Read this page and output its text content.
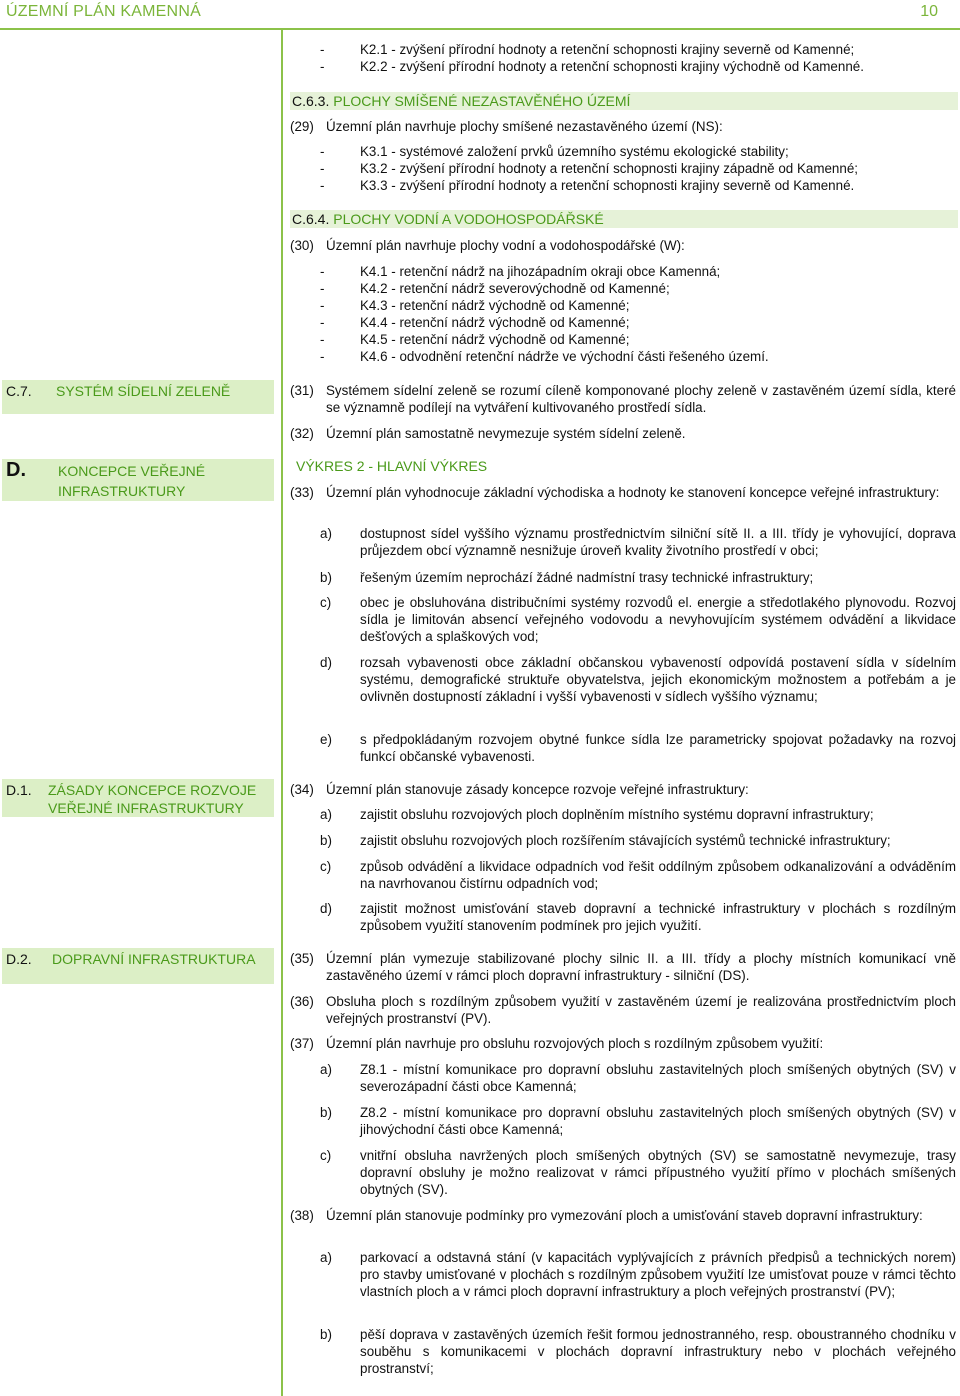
ÚZEMNÍ PLÁN KAMENNÁ	10
-	K2.1 - zvýšení přírodní hodnoty a retenční schopnosti krajiny severně od Kamenné;
-	K2.2 - zvýšení přírodní hodnoty a retenční schopnosti krajiny východně od Kamenné.
C.6.3. PLOCHY SMÍŠENÉ NEZASTAVĚNÉHO ÚZEMÍ
(29) Územní plán navrhuje plochy smíšené nezastavěného území (NS):
-	K3.1 - systémové založení prvků územního systému ekologické stability;
-	K3.2 - zvýšení přírodní hodnoty a retenční schopnosti krajiny západně od Kamenné;
-	K3.3 - zvýšení přírodní hodnoty a retenční schopnosti krajiny severně od Kamenné.
C.6.4. PLOCHY VODNÍ A VODOHOSPODÁŘSKÉ
(30) Územní plán navrhuje plochy vodní a vodohospodářské (W):
-	K4.1 - retenční nádrž na jihozápadním okraji obce Kamenná;
-	K4.2 - retenční nádrž severovýchodně od Kamenné;
-	K4.3 - retenční nádrž východně od Kamenné;
-	K4.4 - retenční nádrž východně od Kamenné;
-	K4.5 - retenční nádrž východně od Kamenné;
-	K4.6 - odvodnění retenční nádrže ve východní části řešeného území.
C.7. SYSTÉM SÍDELNÍ ZELENĚ	(31) Systémem sídelní zeleně se rozumí cíleně komponované plochy zeleně v zastavěném území sídla, které se významně podílejí na vytváření kultivovaného prostředí sídla.
(32) Územní plán samostatně nevymezuje systém sídelní zeleně.
D. KONCEPCE VEŘEJNÉ
INFRASTRUKTURY
VÝKRES 2 - HLAVNÍ VÝKRES
(33) Územní plán vyhodnocuje základní východiska a hodnoty ke stanovení koncepce veřejné infrastruktury:
a) dostupnost sídel vyššího významu prostřednictvím silniční sítě II. a III. třídy je vyhovující, doprava průjezdem obcí významně nesnižuje úroveň kvality životního prostředí v obci;
b) řešeným územím neprochází žádné nadmístní trasy technické infrastruktury;
c) obec je obsluhována distribučními systémy rozvodů el. energie a středotlakého plynovodu. Rozvoj sídla je limitován absencí veřejného vodovodu a nevyhovujícím systémem odvádění a likvidace dešťových a splaškových vod;
d) rozsah vybavenosti obce základní občanskou vybaveností odpovídá postavení sídla v sídelním systému, demografické struktuře obyvatelstva, jejich ekonomickým možnostem a potřebám a je ovlivněn dostupností základní i vyšší vybavenosti v sídlech vyššího významu;
e) s předpokládaným rozvojem obytné funkce sídla lze parametricky spojovat požadavky na rozvoj funkcí občanské vybavenosti.
D.1. ZÁSADY KONCEPCE ROZVOJE
VEŘEJNÉ INFRASTRUKTURY
(34) Územní plán stanovuje zásady koncepce rozvoje veřejné infrastruktury:
a) zajistit obsluhu rozvojových ploch doplněním místního systému dopravní infrastruktury;
b) zajistit obsluhu rozvojových ploch rozšířením stávajících systémů technické infrastruktury;
c) způsob odvádění a likvidace odpadních vod řešit oddílným způsobem odkanalizování a odváděním na navrhovanou čistírnu odpadních vod;
d) zajistit možnost umisťování staveb dopravní a technické infrastruktury v plochách s rozdílným způsobem využití stanovením podmínek pro jejich využití.
D.2. DOPRAVNÍ INFRASTRUKTURA	(35) Územní plán vymezuje stabilizované plochy silnic II. a III. třídy a plochy místních komunikací vně zastavěného území v rámci ploch dopravní infrastruktury - silniční (DS).
(36) Obsluha ploch s rozdílným způsobem využití v zastavěném území je realizována prostřednictvím ploch veřejných prostranství (PV).
(37) Územní plán navrhuje pro obsluhu rozvojových ploch s rozdílným způsobem využití:
a) Z8.1 - místní komunikace pro dopravní obsluhu zastavitelných ploch smíšených obytných (SV) v severozápadní části obce Kamenná;
b) Z8.2 - místní komunikace pro dopravní obsluhu zastavitelných ploch smíšených obytných (SV) v jihovýchodní části obce Kamenná;
c) vnitřní obsluha navržených ploch smíšených obytných (SV) se samostatně nevymezuje, trasy dopravní obsluhy je možno realizovat v rámci přípustného využití přímo v plochách smíšených obytných (SV).
(38) Územní plán stanovuje podmínky pro vymezování ploch a umisťování staveb dopravní infrastruktury:
a) parkovací a odstavná stání (v kapacitách vyplývajících z právních předpisů a technických norem) pro stavby umisťované v plochách s rozdílným způsobem využití lze umisťovat pouze v rámci těchto vlastních ploch a v rámci ploch dopravní infrastruktury a ploch veřejných prostranství (PV);
b) pěší doprava v zastavěných územích řešit formou jednostranného, resp. oboustranného chodníku v souběhu s komunikacemi v plochách dopravní infrastruktury nebo v plochách veřejného prostranství;
